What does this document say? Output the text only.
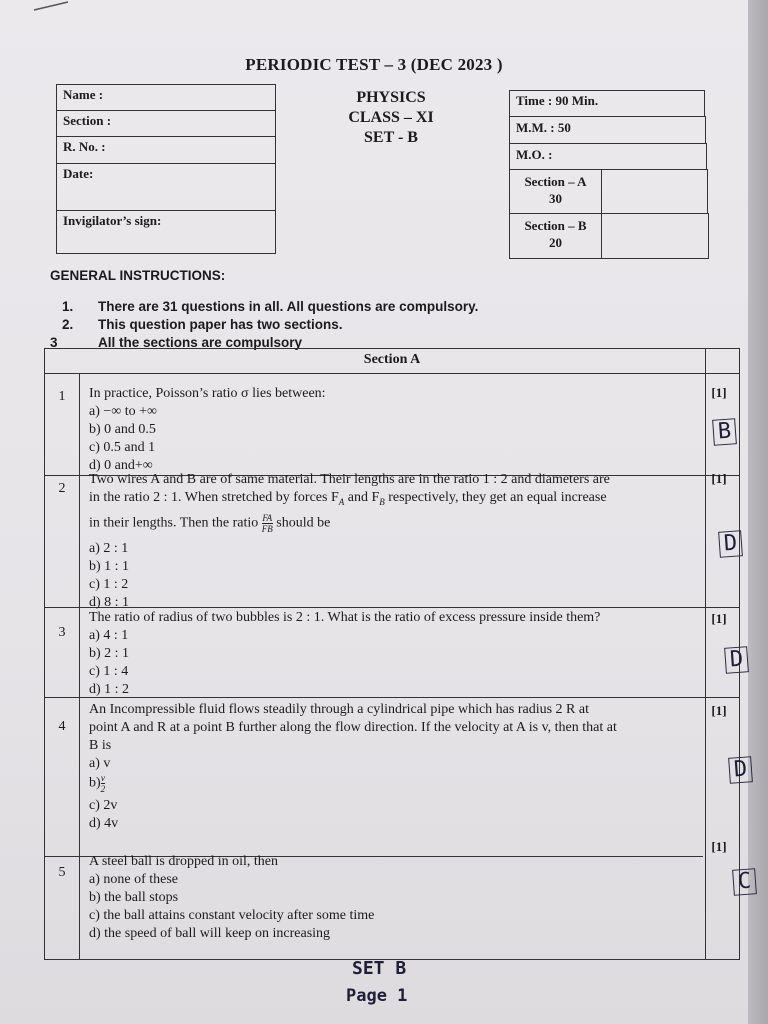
PERIODIC TEST – 3 (DEC 2023 )
Name :
Section :
R. No. :
Date:
Invigilator’s sign:
PHYSICS
CLASS – XI
SET - B
Time : 90 Min.
M.M. : 50
M.O. :
Section – A
30
Section – B
20
GENERAL INSTRUCTIONS:
1.	There are 31 questions in all. All questions are compulsory.
2.	This question paper has two sections.
3	All the sections are compulsory
Section A
1	In practice, Poisson’s ratio σ lies between:
a) −∞ to +∞
b) 0 and 0.5
c) 0.5 and 1
d) 0 and+∞
[1]
B
2
Two wires A and B are of same material. Their lengths are in the ratio 1 : 2 and diameters are
in the ratio 2 : 1. When stretched by forces $F_A$ and $F_B$ respectively, they get an equal increase
in their lengths. Then the ratio $\frac{FA}{FB}$ should be
a) 2 : 1
b) 1 : 1
c) 1 : 2
d) 8 : 1
[1]
D
3
The ratio of radius of two bubbles is 2 : 1. What is the ratio of excess pressure inside them?
a) 4 : 1
b) 2 : 1
c) 1 : 4
d) 1 : 2
[1]
D
4
An Incompressible fluid flows steadily through a cylindrical pipe which has radius 2 R at
point A and R at a point B further along the flow direction. If the velocity at A is v, then that at
B is
a) v
$b) \frac{v}{2}$
c) 2v
d) 4v
[1]
D
5
A steel ball is dropped in oil, then
a) none of these
b) the ball stops
c) the ball attains constant velocity after some time
d) the speed of ball will keep on increasing
[1]
C
SET B
Page 1
